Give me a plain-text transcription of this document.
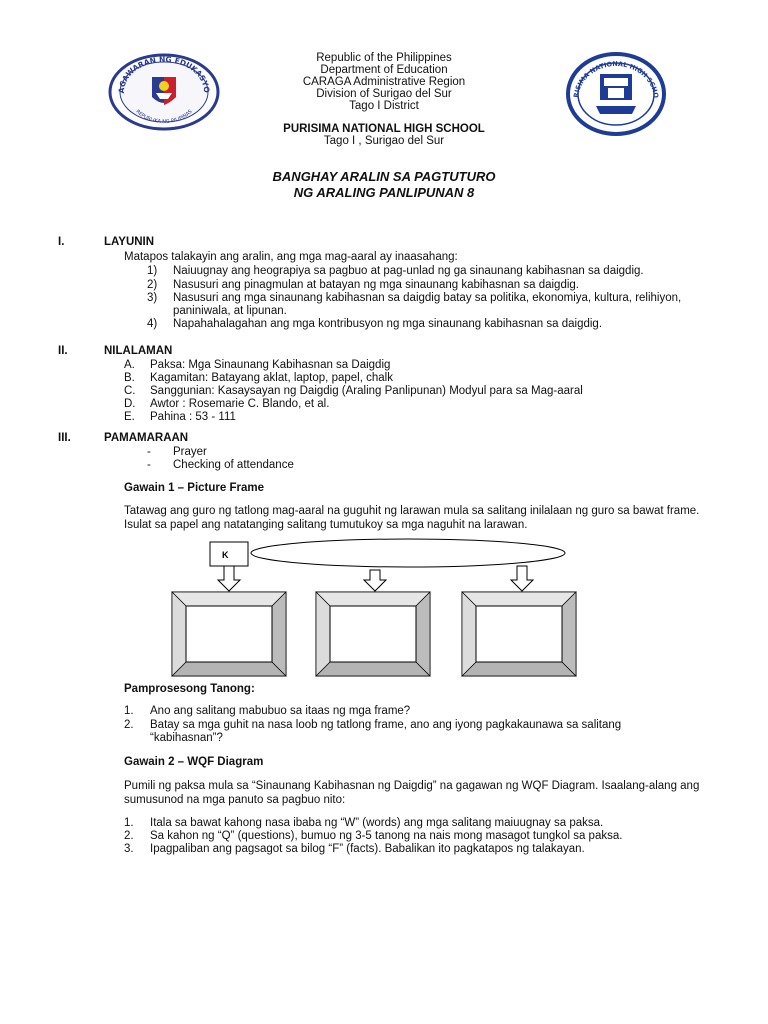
AGAWARAN NG EDUKASYO
REPUBLIKA NG PILIPINAS
RISIMA NATIONAL HIGH SCHO
Republic of the Philippines
Department of Education
CARAGA Administrative Region
Division of Surigao del Sur
Tago I District
PURISIMA NATIONAL HIGH SCHOOL
Tago I , Surigao del Sur
BANGHAY ARALIN SA PAGTUTURO
NG ARALING PANLIPUNAN 8
I.	LAYUNIN
Matapos talakayin ang aralin, ang mga mag-aaral ay inaasahang:
1) Naiuugnay ang heograpiya sa pagbuo at pag-unlad ng ga sinaunang kabihasnan sa daigdig.
2) Nasusuri ang pinagmulan at batayan ng mga sinaunang kabihasnan sa daigdig.
3) Nasusuri ang mga sinaunang kabihasnan sa daigdig batay sa politika, ekonomiya, kultura, relihiyon,
paniniwala, at lipunan.
4) Napahahalagahan ang mga kontribusyon ng mga sinaunang kabihasnan sa daigdig.
II.	NILALAMAN
A. Paksa: Mga Sinaunang Kabihasnan sa Daigdig
B. Kagamitan: Batayang aklat, laptop, papel, chalk
C. Sanggunian: Kasaysayan ng Daigdig (Araling Panlipunan) Modyul para sa Mag-aaral
D. Awtor : Rosemarie C. Blando, et al.
E. Pahina : 53 - 111
III.	PAMAMARAAN
- Prayer
- Checking of attendance
Gawain 1 – Picture Frame
Tatawag ang guro ng tatlong mag-aaral na guguhit ng larawan mula sa salitang inilalaan ng guro sa bawat frame. Isulat sa papel ang natatanging salitang tumutukoy sa mga naguhit na larawan.
K
Pamprosesong Tanong:
1. Ano ang salitang mabubuo sa itaas ng mga frame?
2. Batay sa mga guhit na nasa loob ng tatlong frame, ano ang iyong pagkakaunawa sa salitang
“kabihasnan”?
Gawain 2 – WQF Diagram
Pumili ng paksa mula sa “Sinaunang Kabihasnan ng Daigdig” na gagawan ng WQF Diagram. Isaalang-alang ang sumusunod na mga panuto sa pagbuo nito:
1. Itala sa bawat kahong nasa ibaba ng “W” (words) ang mga salitang maiuugnay sa paksa.
2. Sa kahon ng “Q” (questions), bumuo ng 3-5 tanong na nais mong masagot tungkol sa paksa.
3. Ipagpaliban ang pagsagot sa bilog “F” (facts). Babalikan ito pagkatapos ng talakayan.
